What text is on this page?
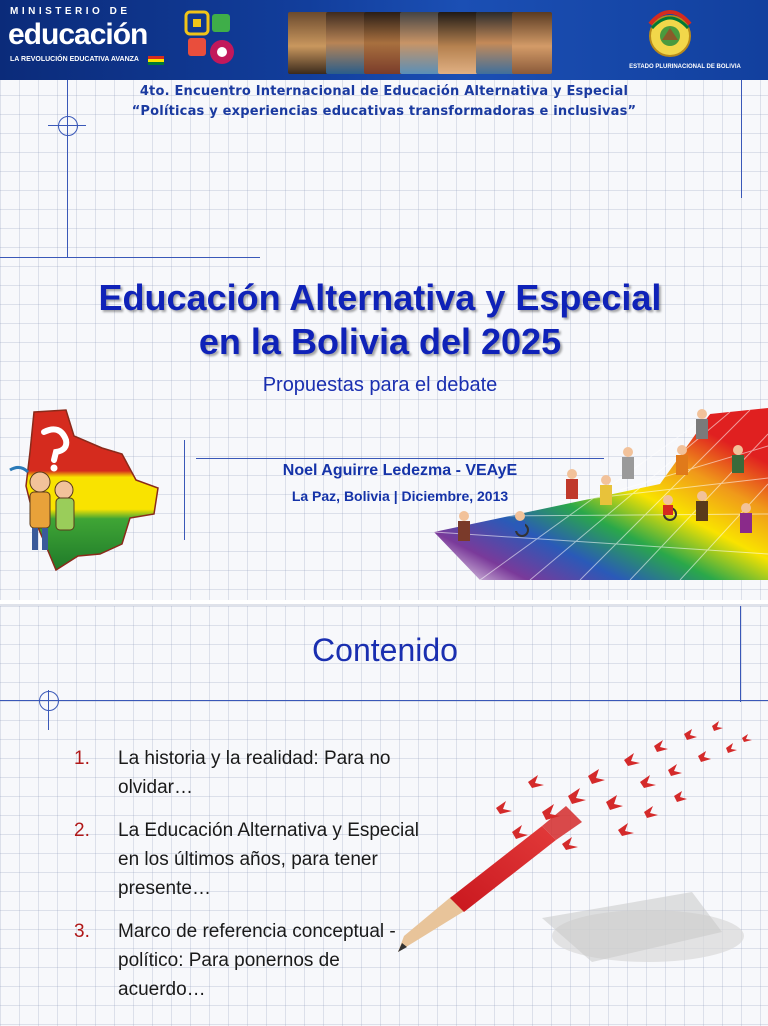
MINISTERIO DE
educación
LA REVOLUCIÓN EDUCATIVA AVANZA
ESTADO PLURINACIONAL DE BOLIVIA
4to. Encuentro Internacional de Educación Alternativa y Especial
“Políticas y experiencias educativas transformadoras e inclusivas”
Educación Alternativa y Especial
en la Bolivia del 2025
Propuestas para el debate
Noel Aguirre Ledezma - VEAyE
La Paz, Bolivia | Diciembre, 2013
Contenido
1. La historia y la realidad: Para no olvidar…
2. La Educación Alternativa y Especial en los últimos años, para tener presente…
3. Marco de referencia conceptual - político: Para ponernos de acuerdo…
